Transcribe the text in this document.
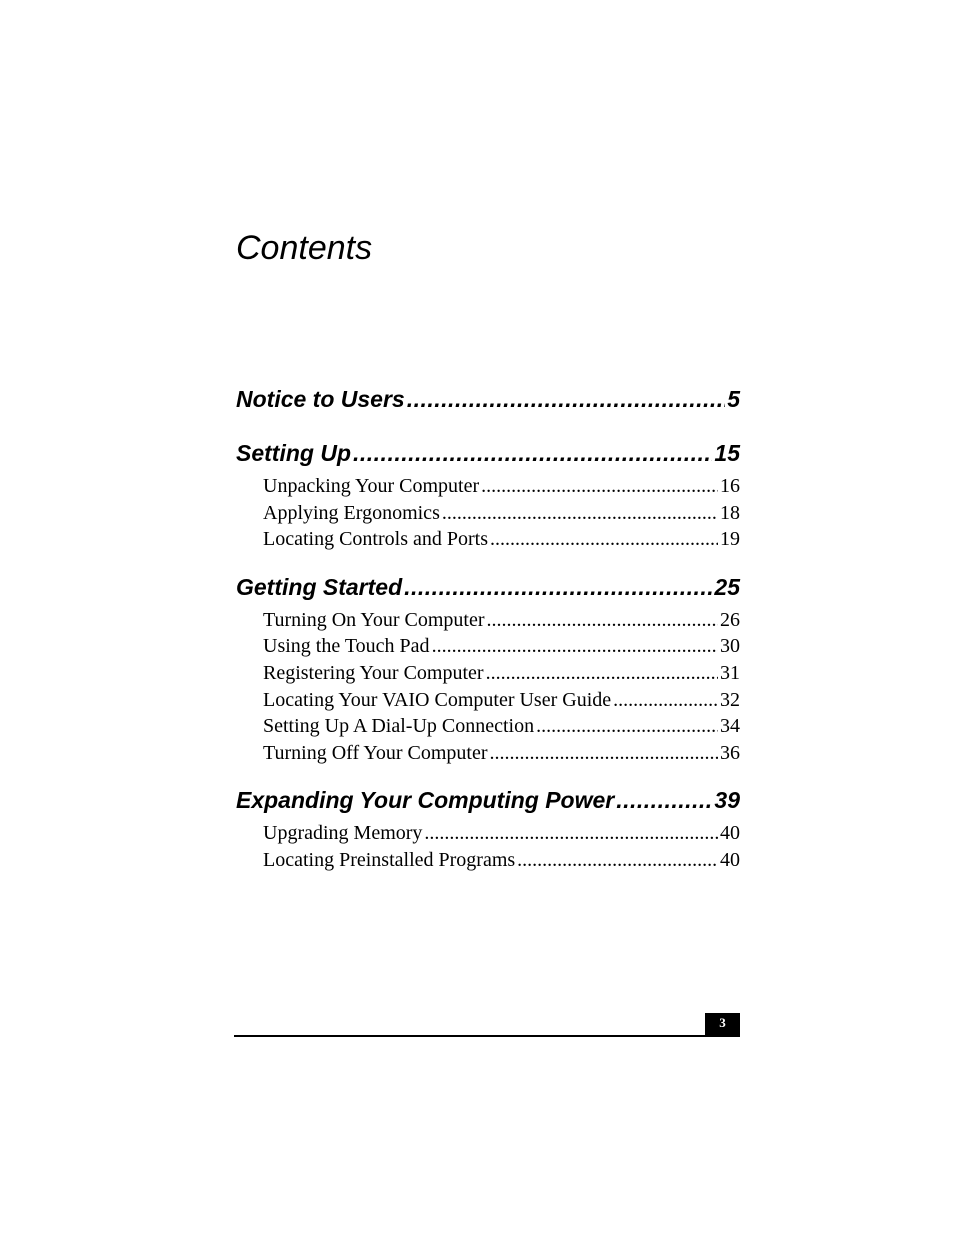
Contents
Notice to Users .....	5
Setting Up .....	15
Unpacking Your Computer .....	16
Applying Ergonomics .....	18
Locating Controls and Ports .....	19
Getting Started .....	25
Turning On Your Computer .....	26
Using the Touch Pad .....	30
Registering Your Computer .....	31
Locating Your VAIO Computer User Guide .....	32
Setting Up A Dial-Up Connection .....	34
Turning Off Your Computer .....	36
Expanding Your Computing Power .....	39
Upgrading Memory .....	40
Locating Preinstalled Programs .....	40
3
